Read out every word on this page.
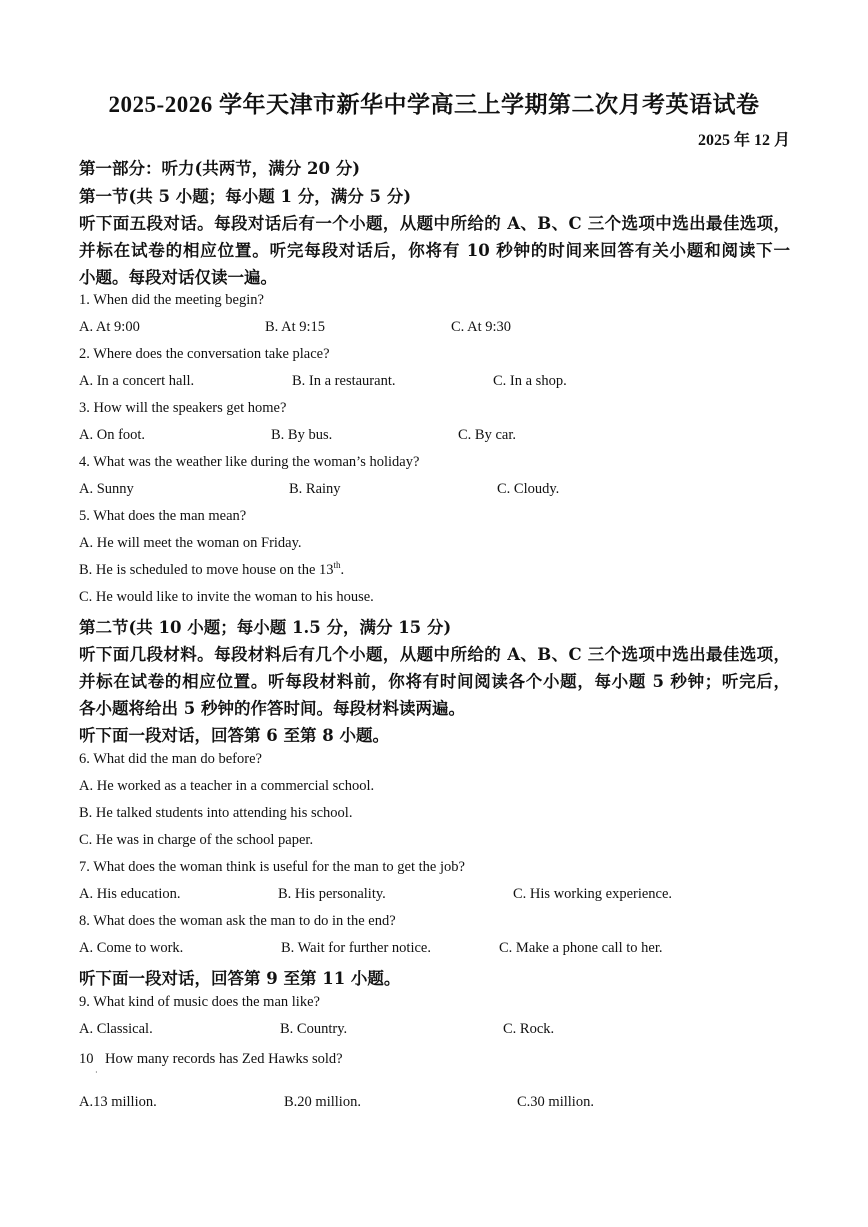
2025-2026 学年天津市新华中学高三上学期第二次月考英语试卷
2025 年 12 月
第一部分：听力(共两节，满分 20 分)
第一节(共 5 小题；每小题 1 分，满分 5 分)
听下面五段对话。每段对话后有一个小题，从题中所给的 A、B、C 三个选项中选出最佳选项，
并标在试卷的相应位置。听完每段对话后，你将有 10 秒钟的时间来回答有关小题和阅读下一
小题。每段对话仅读一遍。
1. When did the meeting begin?
A. At 9:00	B. At 9:15	C. At 9:30
2. Where does the conversation take place?
A. In a concert hall.	B. In a restaurant.	C. In a shop.
3. How will the speakers get home?
A. On foot.	B. By bus.	C. By car.
4. What was the weather like during the woman’s holiday?
A. Sunny	B. Rainy	C. Cloudy.
5. What does the man mean?
A. He will meet the woman on Friday.
B. He is scheduled to move house on the 13th.
C. He would like to invite the woman to his house.
第二节(共 10 小题；每小题 1.5 分，满分 15 分)
听下面几段材料。每段材料后有几个小题，从题中所给的 A、B、C 三个选项中选出最佳选项，
并标在试卷的相应位置。听每段材料前，你将有时间阅读各个小题，每小题 5 秒钟；听完后，
各小题将给出 5 秒钟的作答时间。每段材料读两遍。
听下面一段对话，回答第 6 至第 8 小题。
6. What did the man do before?
A. He worked as a teacher in a commercial school.
B. He talked students into attending his school.
C. He was in charge of the school paper.
7. What does the woman think is useful for the man to get the job?
A. His education.	B. His personality.	C. His working experience.
8. What does the woman ask the man to do in the end?
A. Come to work.	B. Wait for further notice.	C. Make a phone call to her.
听下面一段对话，回答第 9 至第 11 小题。
9. What kind of music does the man like?
A. Classical.	B. Country.	C. Rock.
10 How many records has Zed Hawks sold?
·
A.13 million.	B.20 million.	C.30 million.
